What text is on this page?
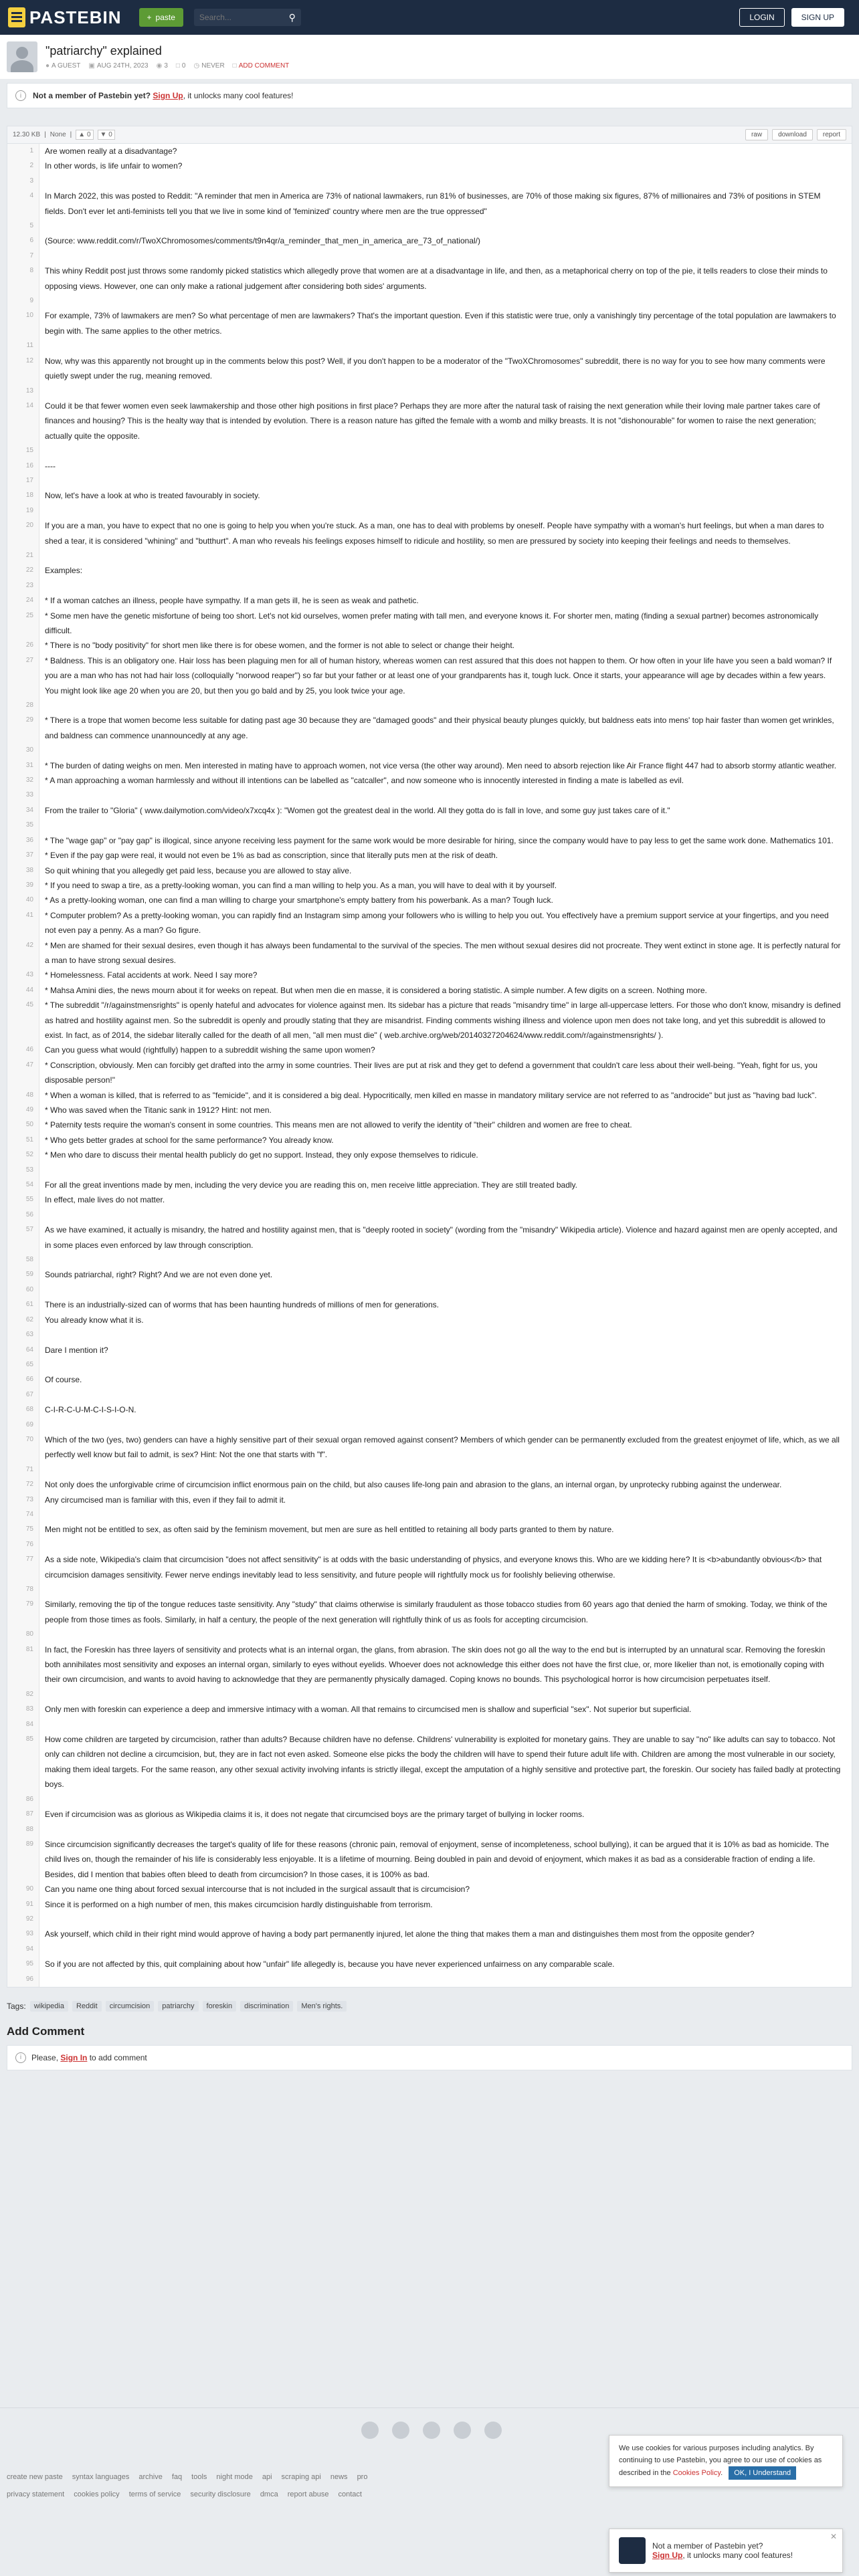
PASTEBIN	+ paste
Search...	⚲	LOGIN	SIGN UP
"patriarchy" explained
● A GUEST ▣ AUG 24TH, 2023 ◉ 3 □ 0 ◷ NEVER □ ADD COMMENT
i	Not a member of Pastebin yet? Sign Up, it unlocks many cool features!
12.30 KB | None |	▲ 0	▼ 0	raw	download	report
1	Are women really at a disadvantage?
2	In other words, is life unfair to women?
3
4	In March 2022, this was posted to Reddit: "A reminder that men in America are 73% of national lawmakers, run 81% of businesses, are 70% of those making six figures, 87% of millionaires and 73% of positions in STEM fields. Don't ever let anti-feminists tell you that we live in some kind of 'feminized' country where men are the true oppressed"
5
6	(Source: www.reddit.com/r/TwoXChromosomes/comments/t9n4qr/a_reminder_that_men_in_america_are_73_of_national/)
7
8	This whiny Reddit post just throws some randomly picked statistics which allegedly prove that women are at a disadvantage in life, and then, as a metaphorical cherry on top of the pie, it tells readers to close their minds to opposing views. However, one can only make a rational judgement after considering both sides' arguments.
9
10	For example, 73% of lawmakers are men? So what percentage of men are lawmakers? That's the important question. Even if this statistic were true, only a vanishingly tiny percentage of the total population are lawmakers to begin with. The same applies to the other metrics.
11
12	Now, why was this apparently not brought up in the comments below this post? Well, if you don't happen to be a moderator of the "TwoXChromosomes" subreddit, there is no way for you to see how many comments were quietly swept under the rug, meaning removed.
13
14	Could it be that fewer women even seek lawmakership and those other high positions in first place? Perhaps they are more after the natural task of raising the next generation while their loving male partner takes care of finances and housing? This is the healty way that is intended by evolution. There is a reason nature has gifted the female with a womb and milky breasts. It is not "dishonourable" for women to raise the next generation; actually quite the opposite.
15
16	----
17
18	Now, let's have a look at who is treated favourably in society.
19
20	If you are a man, you have to expect that no one is going to help you when you're stuck. As a man, one has to deal with problems by oneself. People have sympathy with a woman's hurt feelings, but when a man dares to shed a tear, it is considered "whining" and "butthurt". A man who reveals his feelings exposes himself to ridicule and hostility, so men are pressured by society into keeping their feelings and needs to themselves.
21
22	Examples:
23
24	* If a woman catches an illness, people have sympathy. If a man gets ill, he is seen as weak and pathetic.
25	* Some men have the genetic misfortune of being too short. Let's not kid ourselves, women prefer mating with tall men, and everyone knows it. For shorter men, mating (finding a sexual partner) becomes astronomically difficult.
26	* There is no "body positivity" for short men like there is for obese women, and the former is not able to select or change their height.
27	* Baldness. This is an obligatory one. Hair loss has been plaguing men for all of human history, whereas women can rest assured that this does not happen to them. Or how often in your life have you seen a bald woman? If you are a man who has not had hair loss (colloquially "norwood reaper") so far but your father or at least one of your grandparents has it, tough luck. Once it starts, your appearance will age by decades within a few years. You might look like age 20 when you are 20, but then you go bald and by 25, you look twice your age.
28
29	* There is a trope that women become less suitable for dating past age 30 because they are "damaged goods" and their physical beauty plunges quickly, but baldness eats into mens' top hair faster than women get wrinkles, and baldness can commence unannouncedly at any age.
30
31	* The burden of dating weighs on men. Men interested in mating have to approach women, not vice versa (the other way around). Men need to absorb rejection like Air France flight 447 had to absorb stormy atlantic weather.
32	* A man approaching a woman harmlessly and without ill intentions can be labelled as "catcaller", and now someone who is innocently interested in finding a mate is labelled as evil.
33
34	From the trailer to "Gloria" ( www.dailymotion.com/video/x7xcq4x ): "Women got the greatest deal in the world. All they gotta do is fall in love, and some guy just takes care of it."
35
36	* The "wage gap" or "pay gap" is illogical, since anyone receiving less payment for the same work would be more desirable for hiring, since the company would have to pay less to get the same work done. Mathematics 101.
37	* Even if the pay gap were real, it would not even be 1% as bad as conscription, since that literally puts men at the risk of death.
38	So quit whining that you allegedly get paid less, because you are allowed to stay alive.
39	* If you need to swap a tire, as a pretty-looking woman, you can find a man willing to help you. As a man, you will have to deal with it by yourself.
40	* As a pretty-looking woman, one can find a man willing to charge your smartphone's empty battery from his powerbank. As a man? Tough luck.
41	* Computer problem? As a pretty-looking woman, you can rapidly find an Instagram simp among your followers who is willing to help you out. You effectively have a premium support service at your fingertips, and you need not even pay a penny. As a man? Go figure.
42	* Men are shamed for their sexual desires, even though it has always been fundamental to the survival of the species. The men without sexual desires did not procreate. They went extinct in stone age. It is perfectly natural for a man to have strong sexual desires.
43	* Homelessness. Fatal accidents at work. Need I say more?
44	* Mahsa Amini dies, the news mourn about it for weeks on repeat. But when men die en masse, it is considered a boring statistic. A simple number. A few digits on a screen. Nothing more.
45	* The subreddit "/r/againstmensrights" is openly hateful and advocates for violence against men. Its sidebar has a picture that reads "misandry time" in large all-uppercase letters. For those who don't know, misandry is defined as hatred and hostility against men. So the subreddit is openly and proudly stating that they are misandrist. Finding comments wishing illness and violence upon men does not take long, and yet this subreddit is allowed to exist. In fact, as of 2014, the sidebar literally called for the death of all men, "all men must die" ( web.archive.org/web/20140327204624/www.reddit.com/r/againstmensrights/ ).
46	Can you guess what would (rightfully) happen to a subreddit wishing the same upon women?
47	* Conscription, obviously. Men can forcibly get drafted into the army in some countries. Their lives are put at risk and they get to defend a government that couldn't care less about their well-being. "Yeah, fight for us, you disposable person!"
48	* When a woman is killed, that is referred to as "femicide", and it is considered a big deal. Hypocritically, men killed en masse in mandatory military service are not referred to as "androcide" but just as "having bad luck".
49	* Who was saved when the Titanic sank in 1912? Hint: not men.
50	* Paternity tests require the woman's consent in some countries. This means men are not allowed to verify the identity of "their" children and women are free to cheat.
51	* Who gets better grades at school for the same performance? You already know.
52	* Men who dare to discuss their mental health publicly do get no support. Instead, they only expose themselves to ridicule.
53
54	For all the great inventions made by men, including the very device you are reading this on, men receive little appreciation. They are still treated badly.
55	In effect, male lives do not matter.
56
57	As we have examined, it actually is misandry, the hatred and hostility against men, that is "deeply rooted in society" (wording from the "misandry" Wikipedia article). Violence and hazard against men are openly accepted, and in some places even enforced by law through conscription.
58
59	Sounds patriarchal, right? Right? And we are not even done yet.
60
61	There is an industrially-sized can of worms that has been haunting hundreds of millions of men for generations.
62	You already know what it is.
63
64	Dare I mention it?
65
66	Of course.
67
68	C-I-R-C-U-M-C-I-S-I-O-N.
69
70	Which of the two (yes, two) genders can have a highly sensitive part of their sexual organ removed against consent? Members of which gender can be permanently excluded from the greatest enjoymet of life, which, as we all perfectly well know but fail to admit, is sex? Hint: Not the one that starts with "f".
71
72	Not only does the unforgivable crime of circumcision inflict enormous pain on the child, but also causes life-long pain and abrasion to the glans, an internal organ, by unprotecky rubbing against the underwear.
73	Any circumcised man is familiar with this, even if they fail to admit it.
74
75	Men might not be entitled to sex, as often said by the feminism movement, but men are sure as hell entitled to retaining all body parts granted to them by nature.
76
77	As a side note, Wikipedia's claim that circumcision "does not affect sensitivity" is at odds with the basic understanding of physics, and everyone knows this. Who are we kidding here? It is <b>abundantly obvious</b> that circumcision damages sensitivity. Fewer nerve endings inevitably lead to less sensitivity, and future people will rightfully mock us for foolishly believing otherwise.
78
79	Similarly, removing the tip of the tongue reduces taste sensitivity. Any "study" that claims otherwise is similarly fraudulent as those tobacco studies from 60 years ago that denied the harm of smoking. Today, we think of the people from those times as fools. Similarly, in half a century, the people of the next generation will rightfully think of us as fools for accepting circumcision.
80
81	In fact, the Foreskin has three layers of sensitivity and protects what is an internal organ, the glans, from abrasion. The skin does not go all the way to the end but is interrupted by an unnatural scar. Removing the foreskin both annihilates most sensitivity and exposes an internal organ, similarly to eyes without eyelids. Whoever does not acknowledge this either does not have the first clue, or, more likelier than not, is emotionally coping with their own circumcision, and wants to avoid having to acknowledge that they are permanently physically damaged. Coping knows no bounds. This psychological horror is how circumcision perpetuates itself.
82
83	Only men with foreskin can experience a deep and immersive intimacy with a woman. All that remains to circumcised men is shallow and superficial "sex". Not superior but superficial.
84
85	How come children are targeted by circumcision, rather than adults? Because children have no defense. Childrens' vulnerability is exploited for monetary gains. They are unable to say "no" like adults can say to tobacco. Not only can children not decline a circumcision, but, they are in fact not even asked. Someone else picks the body the children will have to spend their future adult life with. Children are among the most vulnerable in our society, making them ideal targets. For the same reason, any other sexual activity involving infants is strictly illegal, except the amputation of a highly sensitive and protective part, the foreskin. Our society has failed badly at protecting boys.
86
87	Even if circumcision was as glorious as Wikipedia claims it is, it does not negate that circumcised boys are the primary target of bullying in locker rooms.
88
89	Since circumcision significantly decreases the target's quality of life for these reasons (chronic pain, removal of enjoyment, sense of incompleteness, school bullying), it can be argued that it is 10% as bad as homicide. The child lives on, though the remainder of his life is considerably less enjoyable. It is a lifetime of mourning. Being doubled in pain and devoid of enjoyment, which makes it as bad as a considerable fraction of ending a life. Besides, did I mention that babies often bleed to death from circumcision? In those cases, it is 100% as bad.
90	Can you name one thing about forced sexual intercourse that is not included in the surgical assault that is circumcision?
91	Since it is performed on a high number of men, this makes circumcision hardly distinguishable from terrorism.
92
93	Ask yourself, which child in their right mind would approve of having a body part permanently injured, let alone the thing that makes them a man and distinguishes them most from the opposite gender?
94
95	So if you are not affected by this, quit complaining about how "unfair" life allegedly is, because you have never experienced unfairness on any comparable scale.
96
Tags:	wikipedia	Reddit	circumcision	patriarchy	foreskin	discrimination	Men's rights.
Add Comment
i	Please, Sign In to add comment
create new paste syntax languages archive faq tools night mode api scraping api news pro
privacy statement cookies policy terms of service security disclosure dmca report abuse contact
We use cookies for various purposes including analytics. By continuing to use Pastebin, you agree to our use of cookies as described in the Cookies Policy. OK, I Understand
Not a member of Pastebin yet?
Sign Up, it unlocks many cool features!
✕
